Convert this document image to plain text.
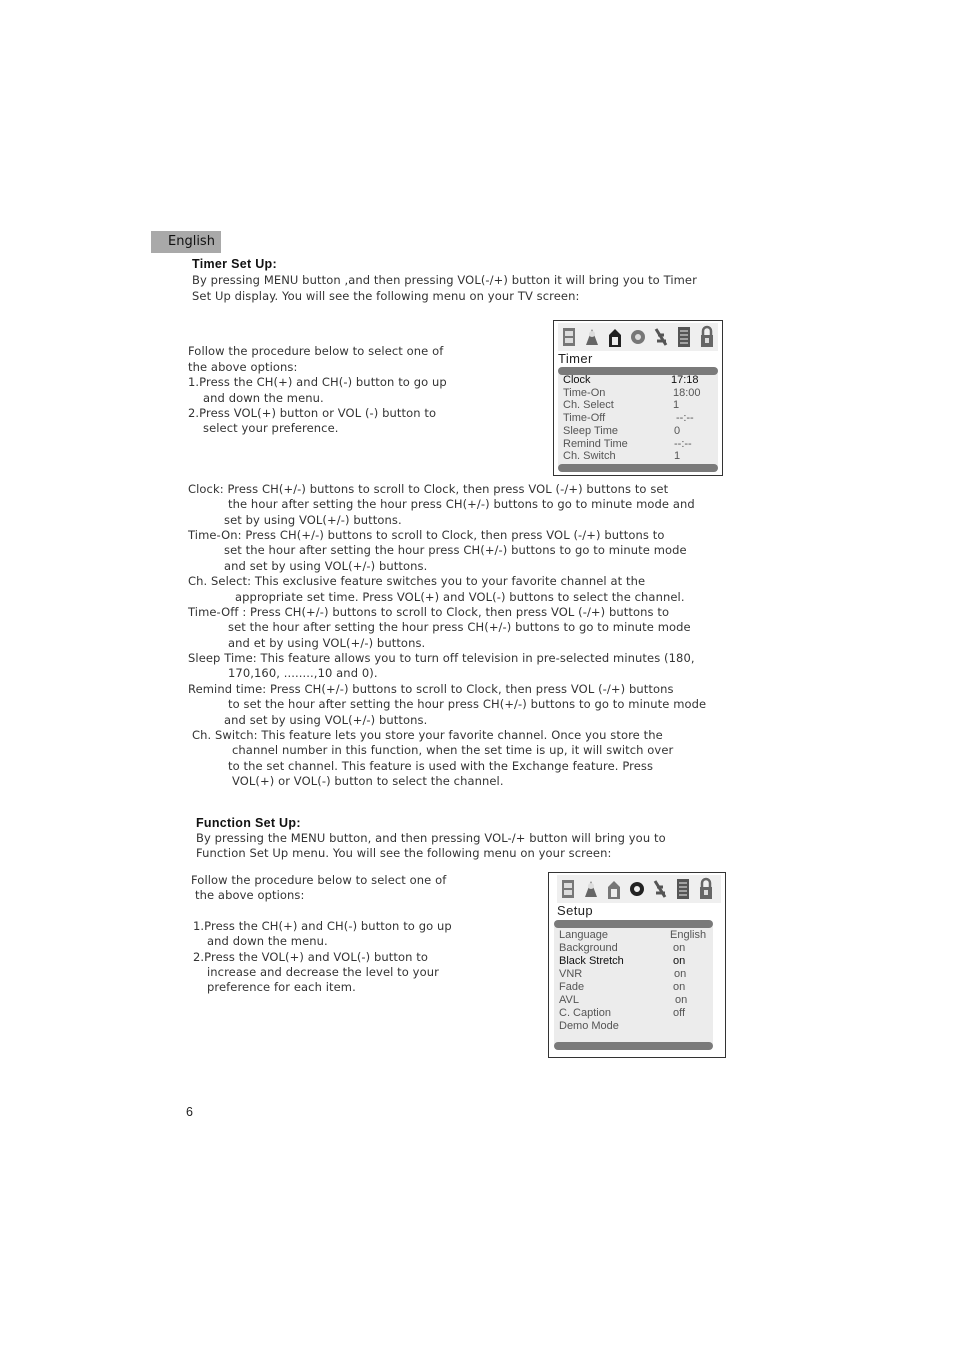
English
Timer Set Up:
By pressing MENU button ,and then pressing VOL(-/+) button it will bring you to Timer
Set Up display. You will see the following menu on your TV screen:
Follow the procedure below to select one of
the above options:
1.Press the CH(+) and CH(-) button to go up
and down the menu.
2.Press VOL(+) button or VOL (-) button to
select your preference.
Timer
Clock	17:18
Time-On	18:00
Ch. Select	1
Time-Off	--:--
Sleep Time	0
Remind Time	--:--
Ch. Switch	1
Clock: Press CH(+/-) buttons to scroll to Clock, then press VOL (-/+) buttons to set
the hour after setting the hour press CH(+/-) buttons to go to minute mode and
set by using VOL(+/-) buttons.
Time-On: Press CH(+/-) buttons to scroll to Clock, then press VOL (-/+) buttons to
set the hour after setting the hour press CH(+/-) buttons to go to minute mode
and set by using VOL(+/-) buttons.
Ch. Select: This exclusive feature switches you to your favorite channel at the
appropriate set time. Press VOL(+) and VOL(-) buttons to select the channel.
Time-Off : Press CH(+/-) buttons to scroll to Clock, then press VOL (-/+) buttons to
set the hour after setting the hour press CH(+/-) buttons to go to minute mode
and et by using VOL(+/-) buttons.
Sleep Time: This feature allows you to turn off television in pre-selected minutes (180,
170,160, ........,10 and 0).
Remind time: Press CH(+/-) buttons to scroll to Clock, then press VOL (-/+) buttons
to set the hour after setting the hour press CH(+/-) buttons to go to minute mode
and set by using VOL(+/-) buttons.
Ch. Switch: This feature lets you store your favorite channel. Once you store the
channel number in this function, when the set time is up, it will switch over
to the set channel. This feature is used with the Exchange feature. Press
VOL(+) or VOL(-) button to select the channel.
Function Set Up:
By pressing the MENU button, and then pressing VOL-/+ button will bring you to
Function Set Up menu. You will see the following menu on your screen:
Follow the procedure below to select one of
the above options:
1.Press the CH(+) and CH(-) button to go up
and down the menu.
2.Press the VOL(+) and VOL(-) button to
increase and decrease the level to your
preference for each item.
Setup
Language	English
Background	on
Black Stretch	on
VNR	on
Fade	on
AVL	on
C. Caption	off
Demo Mode
6
